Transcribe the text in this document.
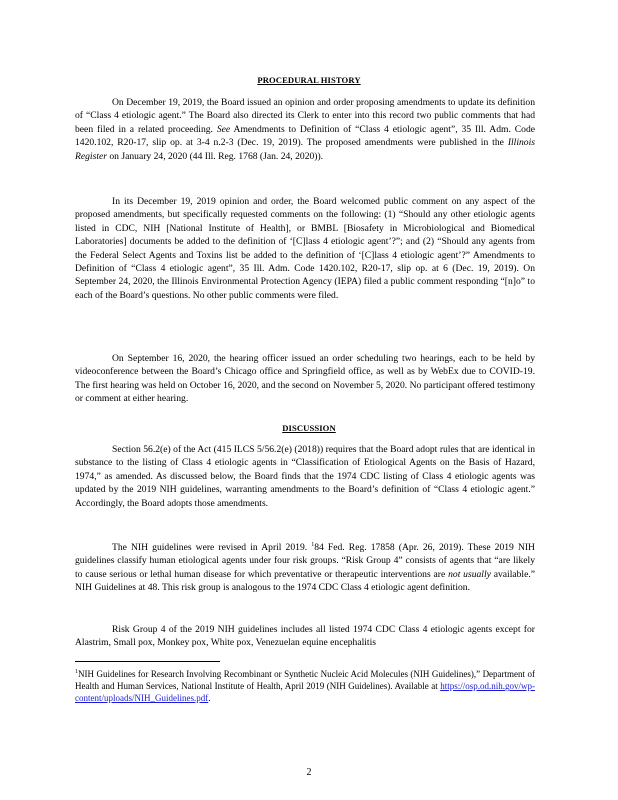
PROCEDURAL HISTORY

On December 19, 2019, the Board issued an opinion and order proposing amendments to update its definition of “Class 4 etiologic agent.” The Board also directed its Clerk to enter into this record two public comments that had been filed in a related proceeding. See Amendments to Definition of “Class 4 etiologic agent”, 35 Ill. Adm. Code 1420.102, R20-17, slip op. at 3-4 n.2-3 (Dec. 19, 2019). The proposed amendments were published in the Illinois Register on January 24, 2020 (44 Ill. Reg. 1768 (Jan. 24, 2020)).

In its December 19, 2019 opinion and order, the Board welcomed public comment on any aspect of the proposed amendments, but specifically requested comments on the following: (1) “Should any other etiologic agents listed in CDC, NIH [National Institute of Health], or BMBL [Biosafety in Microbiological and Biomedical Laboratories] documents be added to the definition of ‘[C]lass 4 etiologic agent’?”; and (2) “Should any agents from the Federal Select Agents and Toxins list be added to the definition of ‘[C]lass 4 etiologic agent’?” Amendments to Definition of “Class 4 etiologic agent”, 35 Ill. Adm. Code 1420.102, R20-17, slip op. at 6 (Dec. 19, 2019). On September 24, 2020, the Illinois Environmental Protection Agency (IEPA) filed a public comment responding “[n]o” to each of the Board’s questions. No other public comments were filed.

On September 16, 2020, the hearing officer issued an order scheduling two hearings, each to be held by videoconference between the Board’s Chicago office and Springfield office, as well as by WebEx due to COVID-19. The first hearing was held on October 16, 2020, and the second on November 5, 2020. No participant offered testimony or comment at either hearing.

DISCUSSION

Section 56.2(e) of the Act (415 ILCS 5/56.2(e) (2018)) requires that the Board adopt rules that are identical in substance to the listing of Class 4 etiologic agents in “Classification of Etiological Agents on the Basis of Hazard, 1974,” as amended. As discussed below, the Board finds that the 1974 CDC listing of Class 4 etiologic agents was updated by the 2019 NIH guidelines, warranting amendments to the Board’s definition of “Class 4 etiologic agent.” Accordingly, the Board adopts those amendments.

The NIH guidelines were revised in April 2019. $^1$84 Fed. Reg. 17858 (Apr. 26, 2019). These 2019 NIH guidelines classify human etiological agents under four risk groups. “Risk Group 4” consists of agents that “are likely to cause serious or lethal human disease for which preventative or therapeutic interventions are not usually available.” NIH Guidelines at 48. This risk group is analogous to the 1974 CDC Class 4 etiologic agent definition.

Risk Group 4 of the 2019 NIH guidelines includes all listed 1974 CDC Class 4 etiologic agents except for Alastrim, Small pox, Monkey pox, White pox, Venezuelan equine encephalitis

$^1$NIH Guidelines for Research Involving Recombinant or Synthetic Nucleic Acid Molecules (NIH Guidelines),” Department of Health and Human Services, National Institute of Health, April 2019 (NIH Guidelines). Available at https://osp.od.nih.gov/wp-content/uploads/NIH_Guidelines.pdf.
2
